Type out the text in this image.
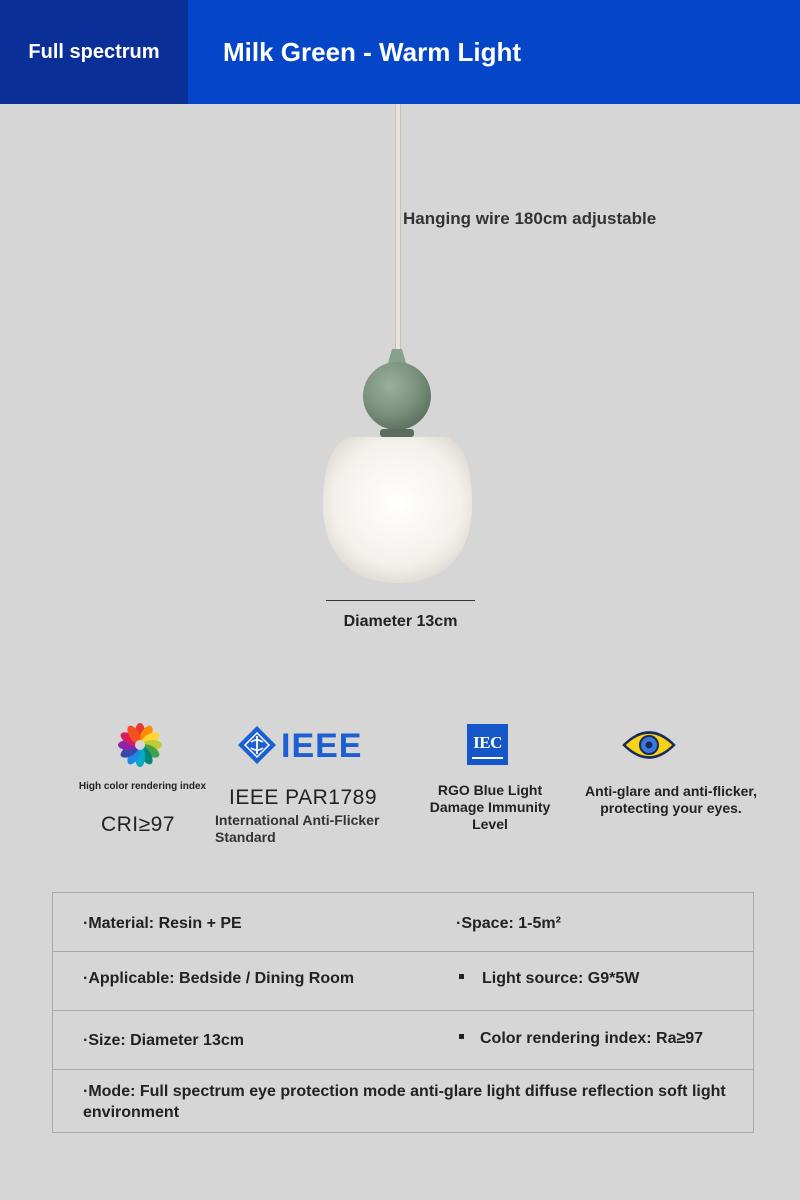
Full spectrum	Milk Green - Warm Light
Hanging wire 180cm adjustable
Diameter 13cm
High color rendering index
CRI≥97
IEEE
IEEE PAR1789
International Anti-Flicker Standard
IEC
RGO Blue Light Damage Immunity Level
Anti-glare and anti-flicker, protecting your eyes.
·Material: Resin + PE	·Space: 1-5m²
·Applicable: Bedside / Dining Room	Light source: G9*5W
·Size: Diameter 13cm	Color rendering index: Ra≥97
·Mode: Full spectrum eye protection mode anti-glare light diffuse reflection soft light environment
